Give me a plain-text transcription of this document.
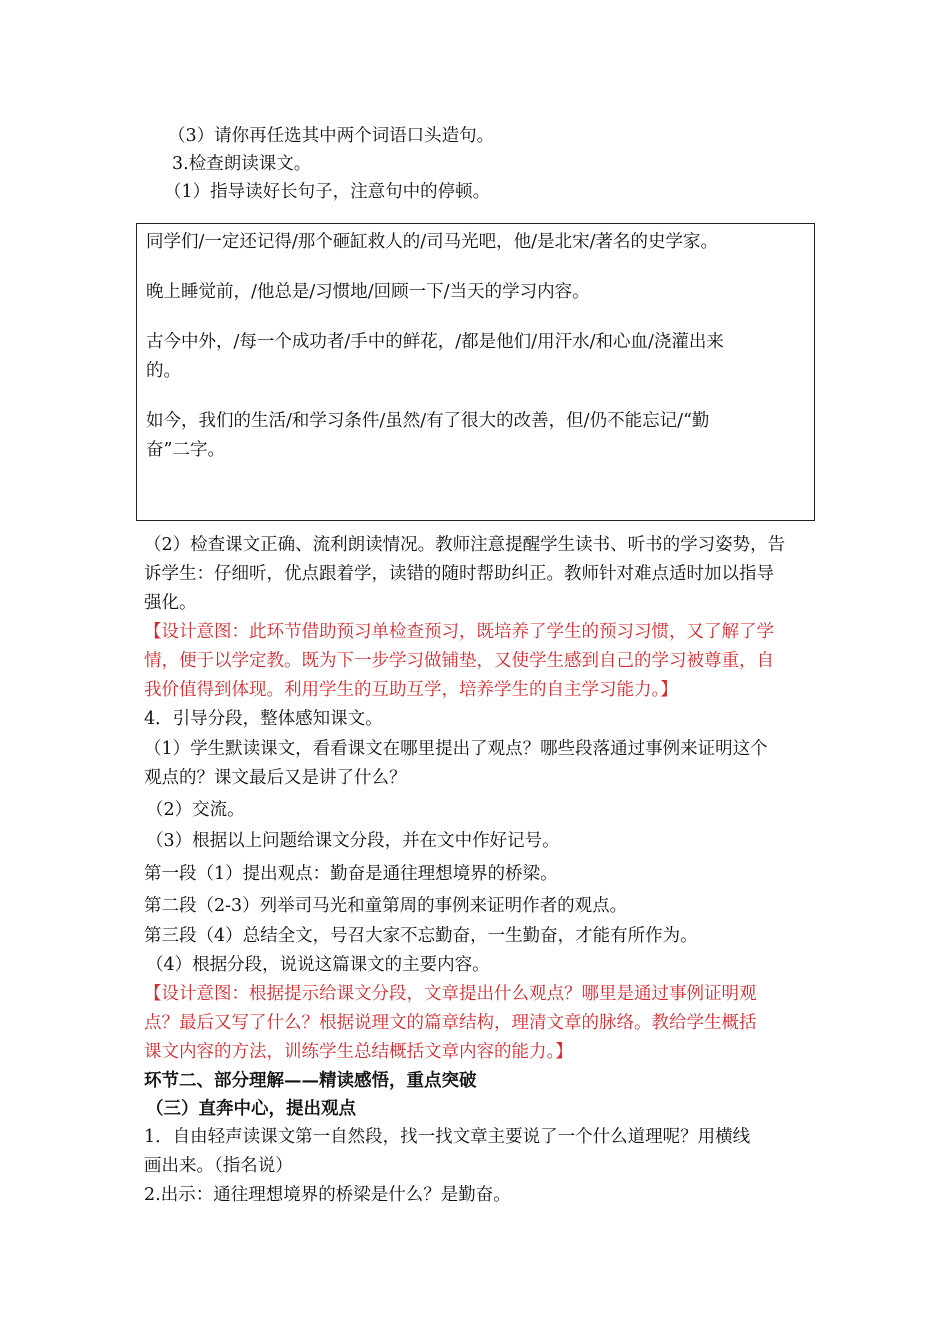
（3）请你再任选其中两个词语口头造句。
3.检查朗读课文。
（1）指导读好长句子，注意句中的停顿。
同学们/一定还记得/那个砸缸救人的/司马光吧，他/是北宋/著名的史学家。
晚上睡觉前，/他总是/习惯地/回顾一下/当天的学习内容。
古今中外，/每一个成功者/手中的鲜花，/都是他们/用汗水/和心血/浇灌出来
的。
如今，我们的生活/和学习条件/虽然/有了很大的改善，但/仍不能忘记/“勤
奋”二字。
（2）检查课文正确、流利朗读情况。教师注意提醒学生读书、听书的学习姿势，告
诉学生：仔细听，优点跟着学，读错的随时帮助纠正。教师针对难点适时加以指导
强化。
【设计意图：此环节借助预习单检查预习，既培养了学生的预习习惯，又了解了学
情，便于以学定教。既为下一步学习做铺垫，又使学生感到自己的学习被尊重，自
我价值得到体现。利用学生的互助互学，培养学生的自主学习能力。】
4．引导分段，整体感知课文。
（1）学生默读课文，看看课文在哪里提出了观点？哪些段落通过事例来证明这个
观点的？课文最后又是讲了什么？
（2）交流。
（3）根据以上问题给课文分段，并在文中作好记号。
第一段（1）提出观点：勤奋是通往理想境界的桥梁。
第二段（2-3）列举司马光和童第周的事例来证明作者的观点。
第三段（4）总结全文，号召大家不忘勤奋，一生勤奋，才能有所作为。
（4）根据分段，说说这篇课文的主要内容。
【设计意图：根据提示给课文分段，文章提出什么观点？哪里是通过事例证明观
点？最后又写了什么？根据说理文的篇章结构，理清文章的脉络。教给学生概括
课文内容的方法，训练学生总结概括文章内容的能力。】
环节二、部分理解——精读感悟，重点突破
（三）直奔中心，提出观点
1．自由轻声读课文第一自然段，找一找文章主要说了一个什么道理呢？用横线
画出来。（指名说）
2.出示：通往理想境界的桥梁是什么？是勤奋。
